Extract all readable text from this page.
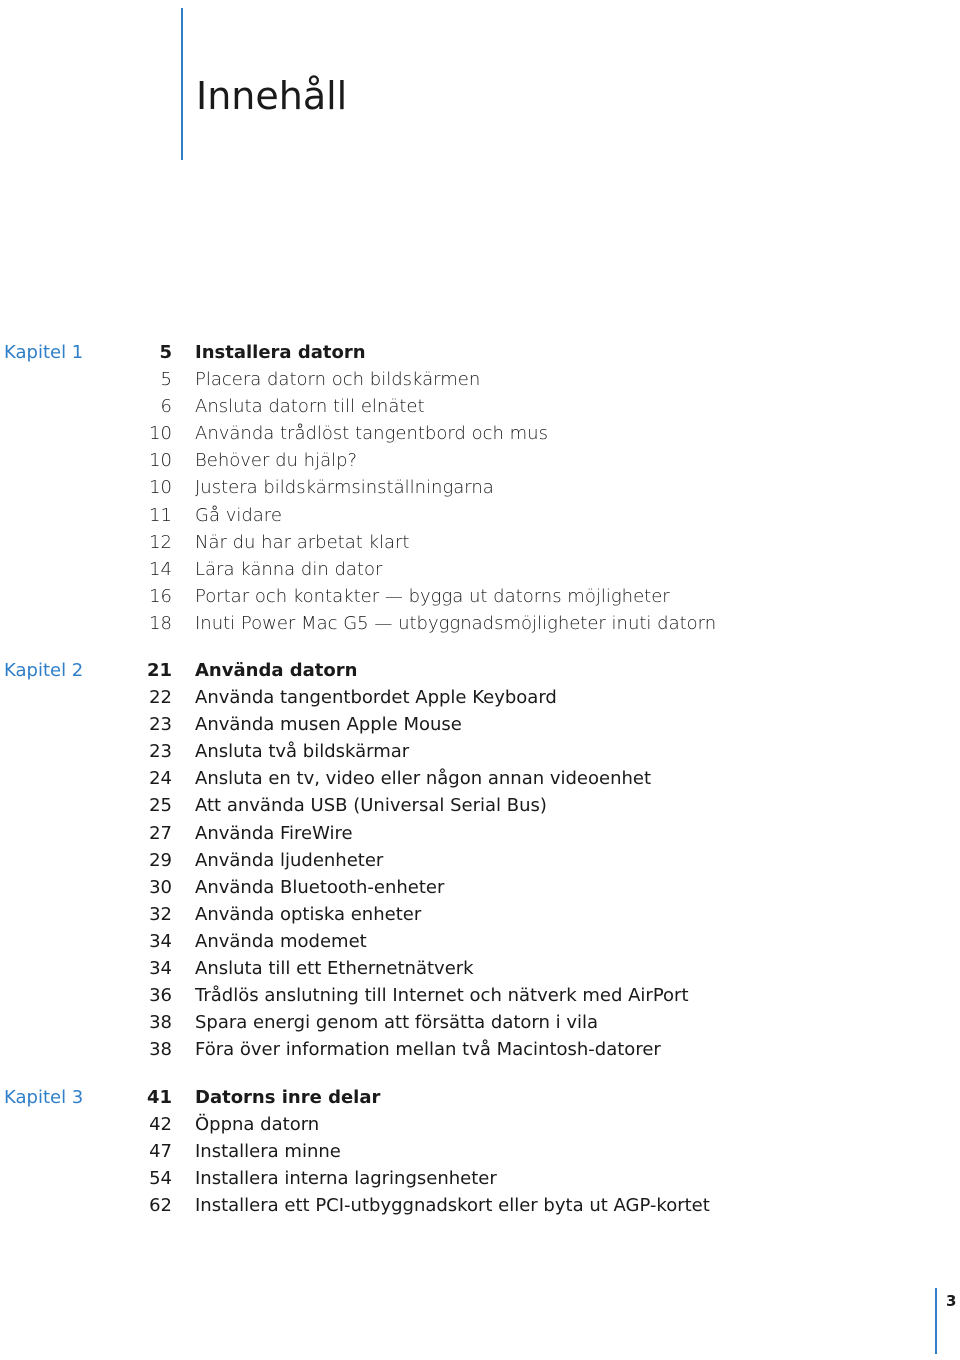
Innehåll
Kapitel 1	5 Installera datorn
5 Placera datorn och bildskärmen
6 Ansluta datorn till elnätet
10 Använda trådlöst tangentbord och mus
10 Behöver du hjälp?
10 Justera bildskärmsinställningarna
11 Gå vidare
12 När du har arbetat klart
14 Lära känna din dator
16 Portar och kontakter — bygga ut datorns möjligheter
18 Inuti Power Mac G5 — utbyggnadsmöjligheter inuti datorn
Kapitel 2	21 Använda datorn
22 Använda tangentbordet Apple Keyboard
23 Använda musen Apple Mouse
23 Ansluta två bildskärmar
24 Ansluta en tv, video eller någon annan videoenhet
25 Att använda USB (Universal Serial Bus)
27 Använda FireWire
29 Använda ljudenheter
30 Använda Bluetooth-enheter
32 Använda optiska enheter
34 Använda modemet
34 Ansluta till ett Ethernetnätverk
36 Trådlös anslutning till Internet och nätverk med AirPort
38 Spara energi genom att försätta datorn i vila
38 Föra över information mellan två Macintosh-datorer
Kapitel 3	41 Datorns inre delar
42 Öppna datorn
47 Installera minne
54 Installera interna lagringsenheter
62 Installera ett PCI-utbyggnadskort eller byta ut AGP-kortet
3
